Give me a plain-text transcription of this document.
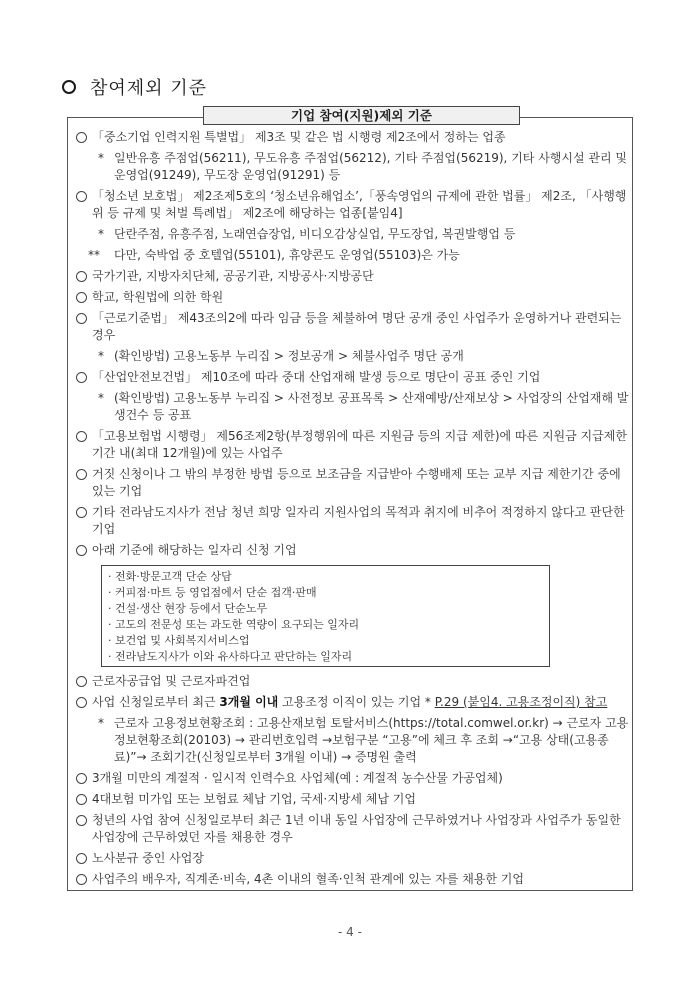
참여제외 기준
기업 참여(지원)제외 기준
「중소기업 인력지원 특별법」 제3조 및 같은 법 시행령 제2조에서 정하는 업종
* 일반유흥 주점업(56211), 무도유흥 주점업(56212), 기타 주점업(56219), 기타 사행시설 관리 및 운영업(91249), 무도장 운영업(91291) 등
「청소년 보호법」 제2조제5호의 ‘청소년유해업소’,「풍속영업의 규제에 관한 법률」 제2조, 「사행행위 등 규제 및 처벌 특례법」 제2조에 해당하는 업종[붙임4]
* 단란주점, 유흥주점, 노래연습장업, 비디오감상실업, 무도장업, 복권발행업 등
** 다만, 숙박업 중 호텔업(55101), 휴양콘도 운영업(55103)은 가능
국가기관, 지방자치단체, 공공기관, 지방공사·지방공단
학교, 학원법에 의한 학원
「근로기준법」 제43조의2에 따라 임금 등을 체불하여 명단 공개 중인 사업주가 운영하거나 관련되는 경우
* (확인방법) 고용노동부 누리집 > 정보공개 > 체불사업주 명단 공개
「산업안전보건법」 제10조에 따라 중대 산업재해 발생 등으로 명단이 공표 중인 기업
* (확인방법) 고용노동부 누리집 > 사전정보 공표목록 > 산재예방/산재보상 > 사업장의 산업재해 발생건수 등 공표
「고용보험법 시행령」 제56조제2항(부정행위에 따른 지원금 등의 지급 제한)에 따른 지원금 지급제한 기간 내(최대 12개월)에 있는 사업주
거짓 신청이나 그 밖의 부정한 방법 등으로 보조금을 지급받아 수행배제 또는 교부 지급 제한기간 중에 있는 기업
기타 전라남도지사가 전남 청년 희망 일자리 지원사업의 목적과 취지에 비추어 적정하지 않다고 판단한 기업
아래 기준에 해당하는 일자리 신청 기업
· 전화·방문고객 단순 상담
· 커피점·마트 등 영업점에서 단순 접객·판매
· 건설·생산 현장 등에서 단순노무
· 고도의 전문성 또는 과도한 역량이 요구되는 일자리
· 보건업 및 사회복지서비스업
· 전라남도지사가 이와 유사하다고 판단하는 일자리
근로자공급업 및 근로자파견업
사업 신청일로부터 최근 3개월 이내 고용조정 이직이 있는 기업 * P.29 (붙임4. 고용조정이직) 참고
* 근로자 고용정보현황조회 : 고용산재보험 토탈서비스(https://total.comwel.or.kr) → 근로자 고용정보현황조회(20103) → 관리번호입력 →보험구분 “고용”에 체크 후 조회 →“고용 상태(고용종료)”→ 조회기간(신청일로부터 3개월 이내) → 증명원 출력
3개월 미만의 계절적 · 일시적 인력수요 사업체(예 : 계절적 농수산물 가공업체)
4대보험 미가입 또는 보험료 체납 기업, 국세·지방세 체납 기업
청년의 사업 참여 신청일로부터 최근 1년 이내 동일 사업장에 근무하였거나 사업장과 사업주가 동일한 사업장에 근무하였던 자를 채용한 경우
노사분규 중인 사업장
사업주의 배우자, 직계존·비속, 4촌 이내의 혈족·인척 관계에 있는 자를 채용한 기업
- 4 -
